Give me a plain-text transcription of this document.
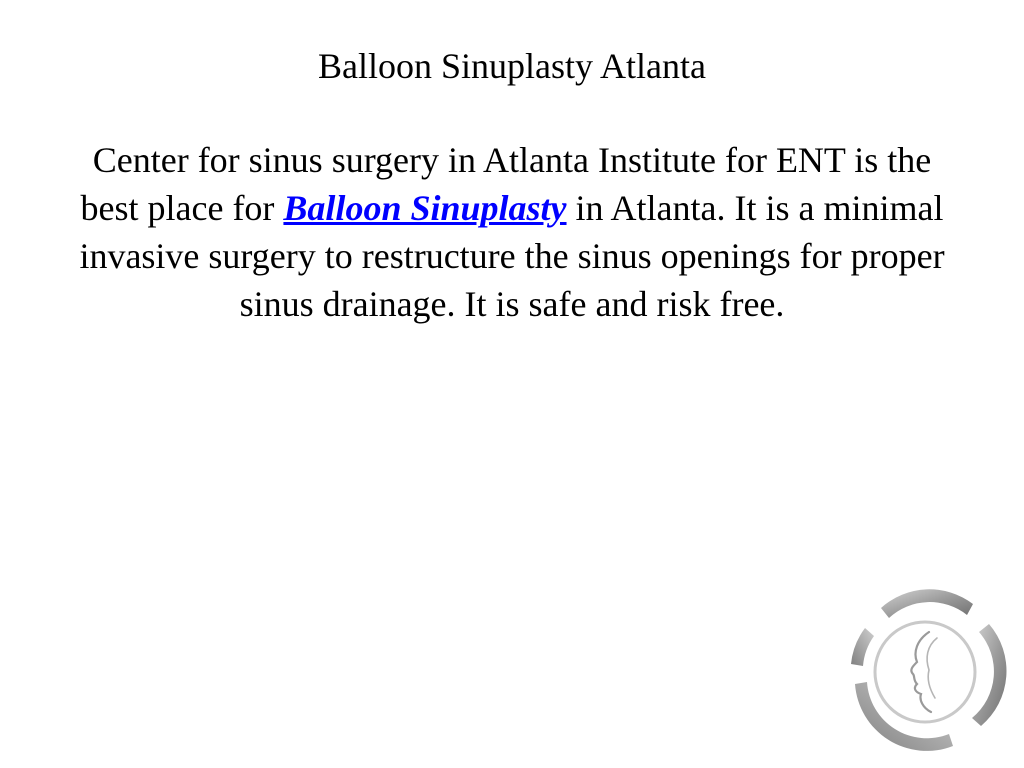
Balloon Sinuplasty Atlanta

Center for sinus surgery in Atlanta Institute for ENT is the best place for Balloon Sinuplasty in Atlanta. It is a minimal invasive surgery to restructure the sinus openings for proper sinus drainage. It is safe and risk free.
